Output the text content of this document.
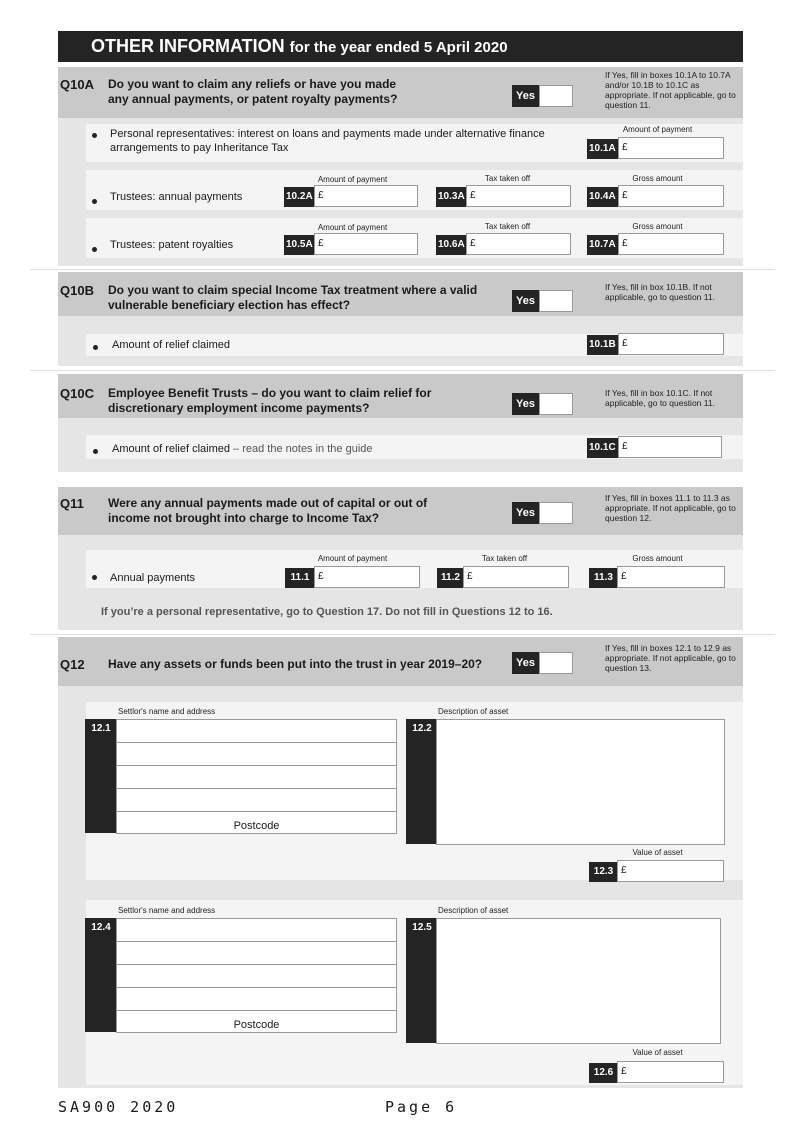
OTHER INFORMATION for the year ended 5 April 2020
Q10A Do you want to claim any reliefs or have you made any annual payments, or patent royalty payments?	Yes
If Yes, fill in boxes 10.1A to 10.7A and/or 10.1B to 10.1C as appropriate. If not applicable, go to question 11.
Personal representatives: interest on loans and payments made under alternative finance arrangements to pay Inheritance Tax
Amount of payment
10.1A £
Amount of payment	Tax taken off	Gross amount
Trustees: annual payments	10.2A £	10.3A £	10.4A £
Amount of payment	Tax taken off	Gross amount
Trustees: patent royalties	10.5A £	10.6A £	10.7A £
Q10B Do you want to claim special Income Tax treatment where a valid vulnerable beneficiary election has effect?	Yes
If Yes, fill in box 10.1B. If not applicable, go to question 11.
Amount of relief claimed	10.1B £
Q10C Employee Benefit Trusts – do you want to claim relief for discretionary employment income payments?	Yes
If Yes, fill in box 10.1C. If not applicable, go to question 11.
Amount of relief claimed – read the notes in the guide	10.1C £
Q11 Were any annual payments made out of capital or out of income not brought into charge to Income Tax?	Yes
If Yes, fill in boxes 11.1 to 11.3 as appropriate. If not applicable, go to question 12.
Amount of payment	Tax taken off	Gross amount
Annual payments	11.1 £	11.2 £	11.3 £
If you’re a personal representative, go to Question 17. Do not fill in Questions 12 to 16.
Q12 Have any assets or funds been put into the trust in year 2019–20?	Yes
If Yes, fill in boxes 12.1 to 12.9 as appropriate. If not applicable, go to question 13.
Settlor's name and address
12.1
Postcode
Description of asset
12.2
Value of asset
12.3 £
Settlor's name and address
12.4
Postcode
Description of asset
12.5
Value of asset
12.6 £
SA900 2020	Page 6
